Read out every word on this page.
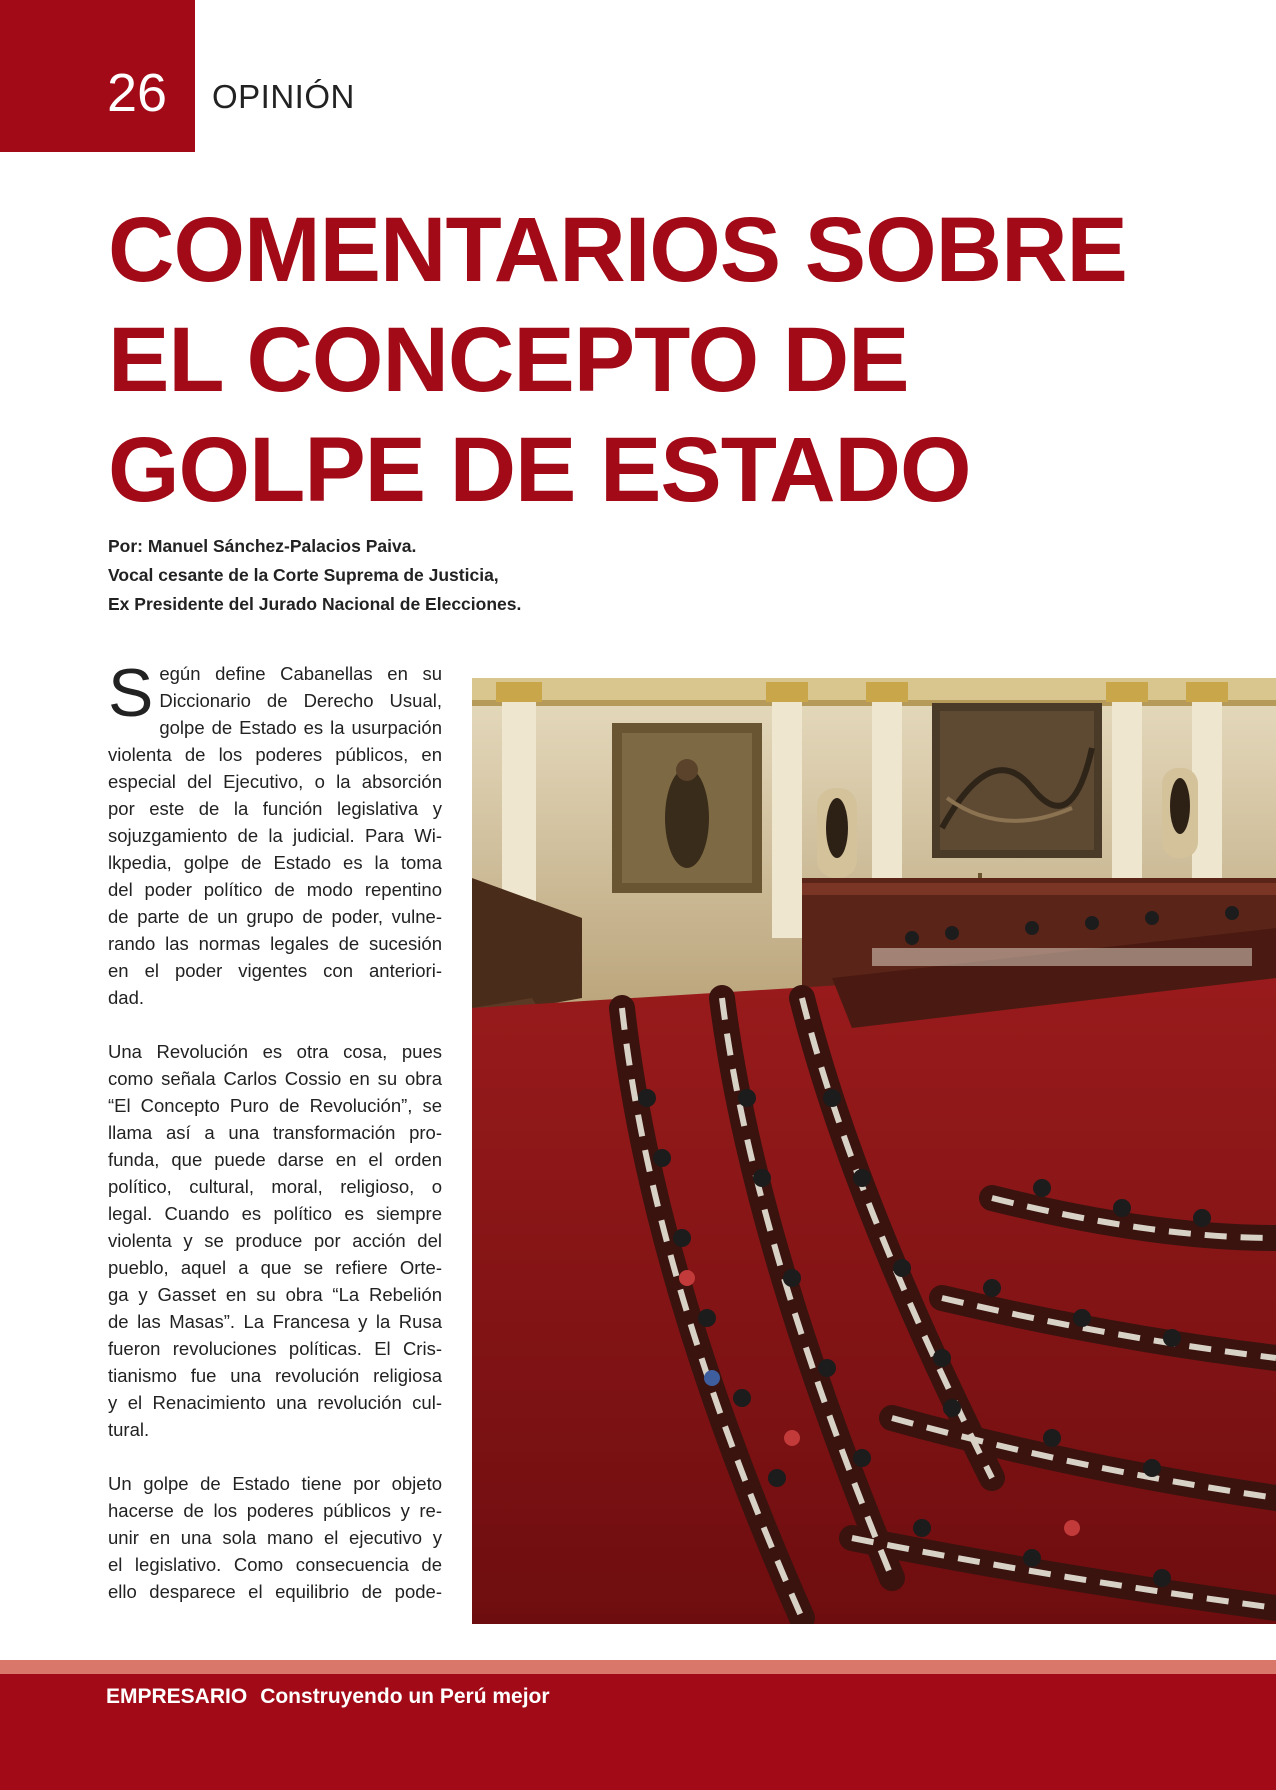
26 OPINIÓN
COMENTARIOS SOBRE
EL CONCEPTO DE
GOLPE DE ESTADO
Por: Manuel Sánchez-Palacios Paiva.
Vocal cesante de la Corte Suprema de Justicia,
Ex Presidente del Jurado Nacional de Elecciones.
S egún define Cabanellas en su
Diccionario de Derecho Usual,
golpe de Estado es la usurpación
violenta de los poderes públicos, en
especial del Ejecutivo, o la absorción
por este de la función legislativa y
sojuzgamiento de la judicial. Para Wi-
lkpedia, golpe de Estado es la toma
del poder político de modo repentino
de parte de un grupo de poder, vulne-
rando las normas legales de sucesión
en el poder vigentes con anteriori-
dad.
Una Revolución es otra cosa, pues
como señala Carlos Cossio en su obra
“El Concepto Puro de Revolución”, se
llama así a una transformación pro-
funda, que puede darse en el orden
político, cultural, moral, religioso, o
legal. Cuando es político es siempre
violenta y se produce por acción del
pueblo, aquel a que se refiere Orte-
ga y Gasset en su obra “La Rebelión
de las Masas”. La Francesa y la Rusa
fueron revoluciones políticas. El Cris-
tianismo fue una revolución religiosa
y el Renacimiento una revolución cul-
tural.
Un golpe de Estado tiene por objeto
hacerse de los poderes públicos y re-
unir en una sola mano el ejecutivo y
el legislativo. Como consecuencia de
ello desparece el equilibrio de pode-
EMPRESARIO Construyendo un Perú mejor
